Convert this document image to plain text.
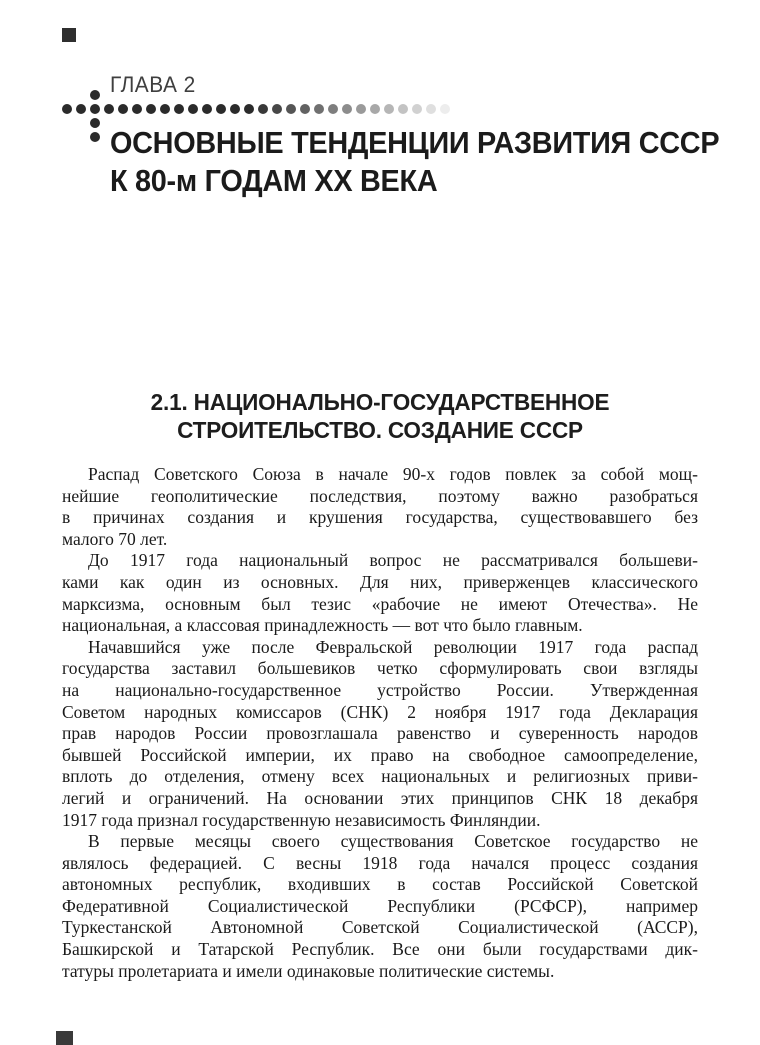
ГЛАВА 2
ОСНОВНЫЕ ТЕНДЕНЦИИ РАЗВИТИЯ СССР
К 80-м ГОДАМ XX ВЕКА
2.1. НАЦИОНАЛЬНО-ГОСУДАРСТВЕННОЕ
СТРОИТЕЛЬСТВО. СОЗДАНИЕ СССР
Распад Советского Союза в начале 90-х годов повлек за собой мощ-
нейшие геополитические последствия, поэтому важно разобраться
в причинах создания и крушения государства, существовавшего без
малого 70 лет.
До 1917 года национальный вопрос не рассматривался большеви-
ками как один из основных. Для них, приверженцев классического
марксизма, основным был тезис «рабочие не имеют Отечества». Не
национальная, а классовая принадлежность — вот что было главным.
Начавшийся уже после Февральской революции 1917 года распад
государства заставил большевиков четко сформулировать свои взгляды
на национально-государственное устройство России. Утвержденная
Советом народных комиссаров (СНК) 2 ноября 1917 года Декларация
прав народов России провозглашала равенство и суверенность народов
бывшей Российской империи, их право на свободное самоопределение,
вплоть до отделения, отмену всех национальных и религиозных приви-
легий и ограничений. На основании этих принципов СНК 18 декабря
1917 года признал государственную независимость Финляндии.
В первые месяцы своего существования Советское государство не
являлось федерацией. С весны 1918 года начался процесс создания
автономных республик, входивших в состав Российской Советской
Федеративной Социалистической Республики (РСФСР), например
Туркестанской Автономной Советской Социалистической (АССР),
Башкирской и Татарской Республик. Все они были государствами дик-
татуры пролетариата и имели одинаковые политические системы.
